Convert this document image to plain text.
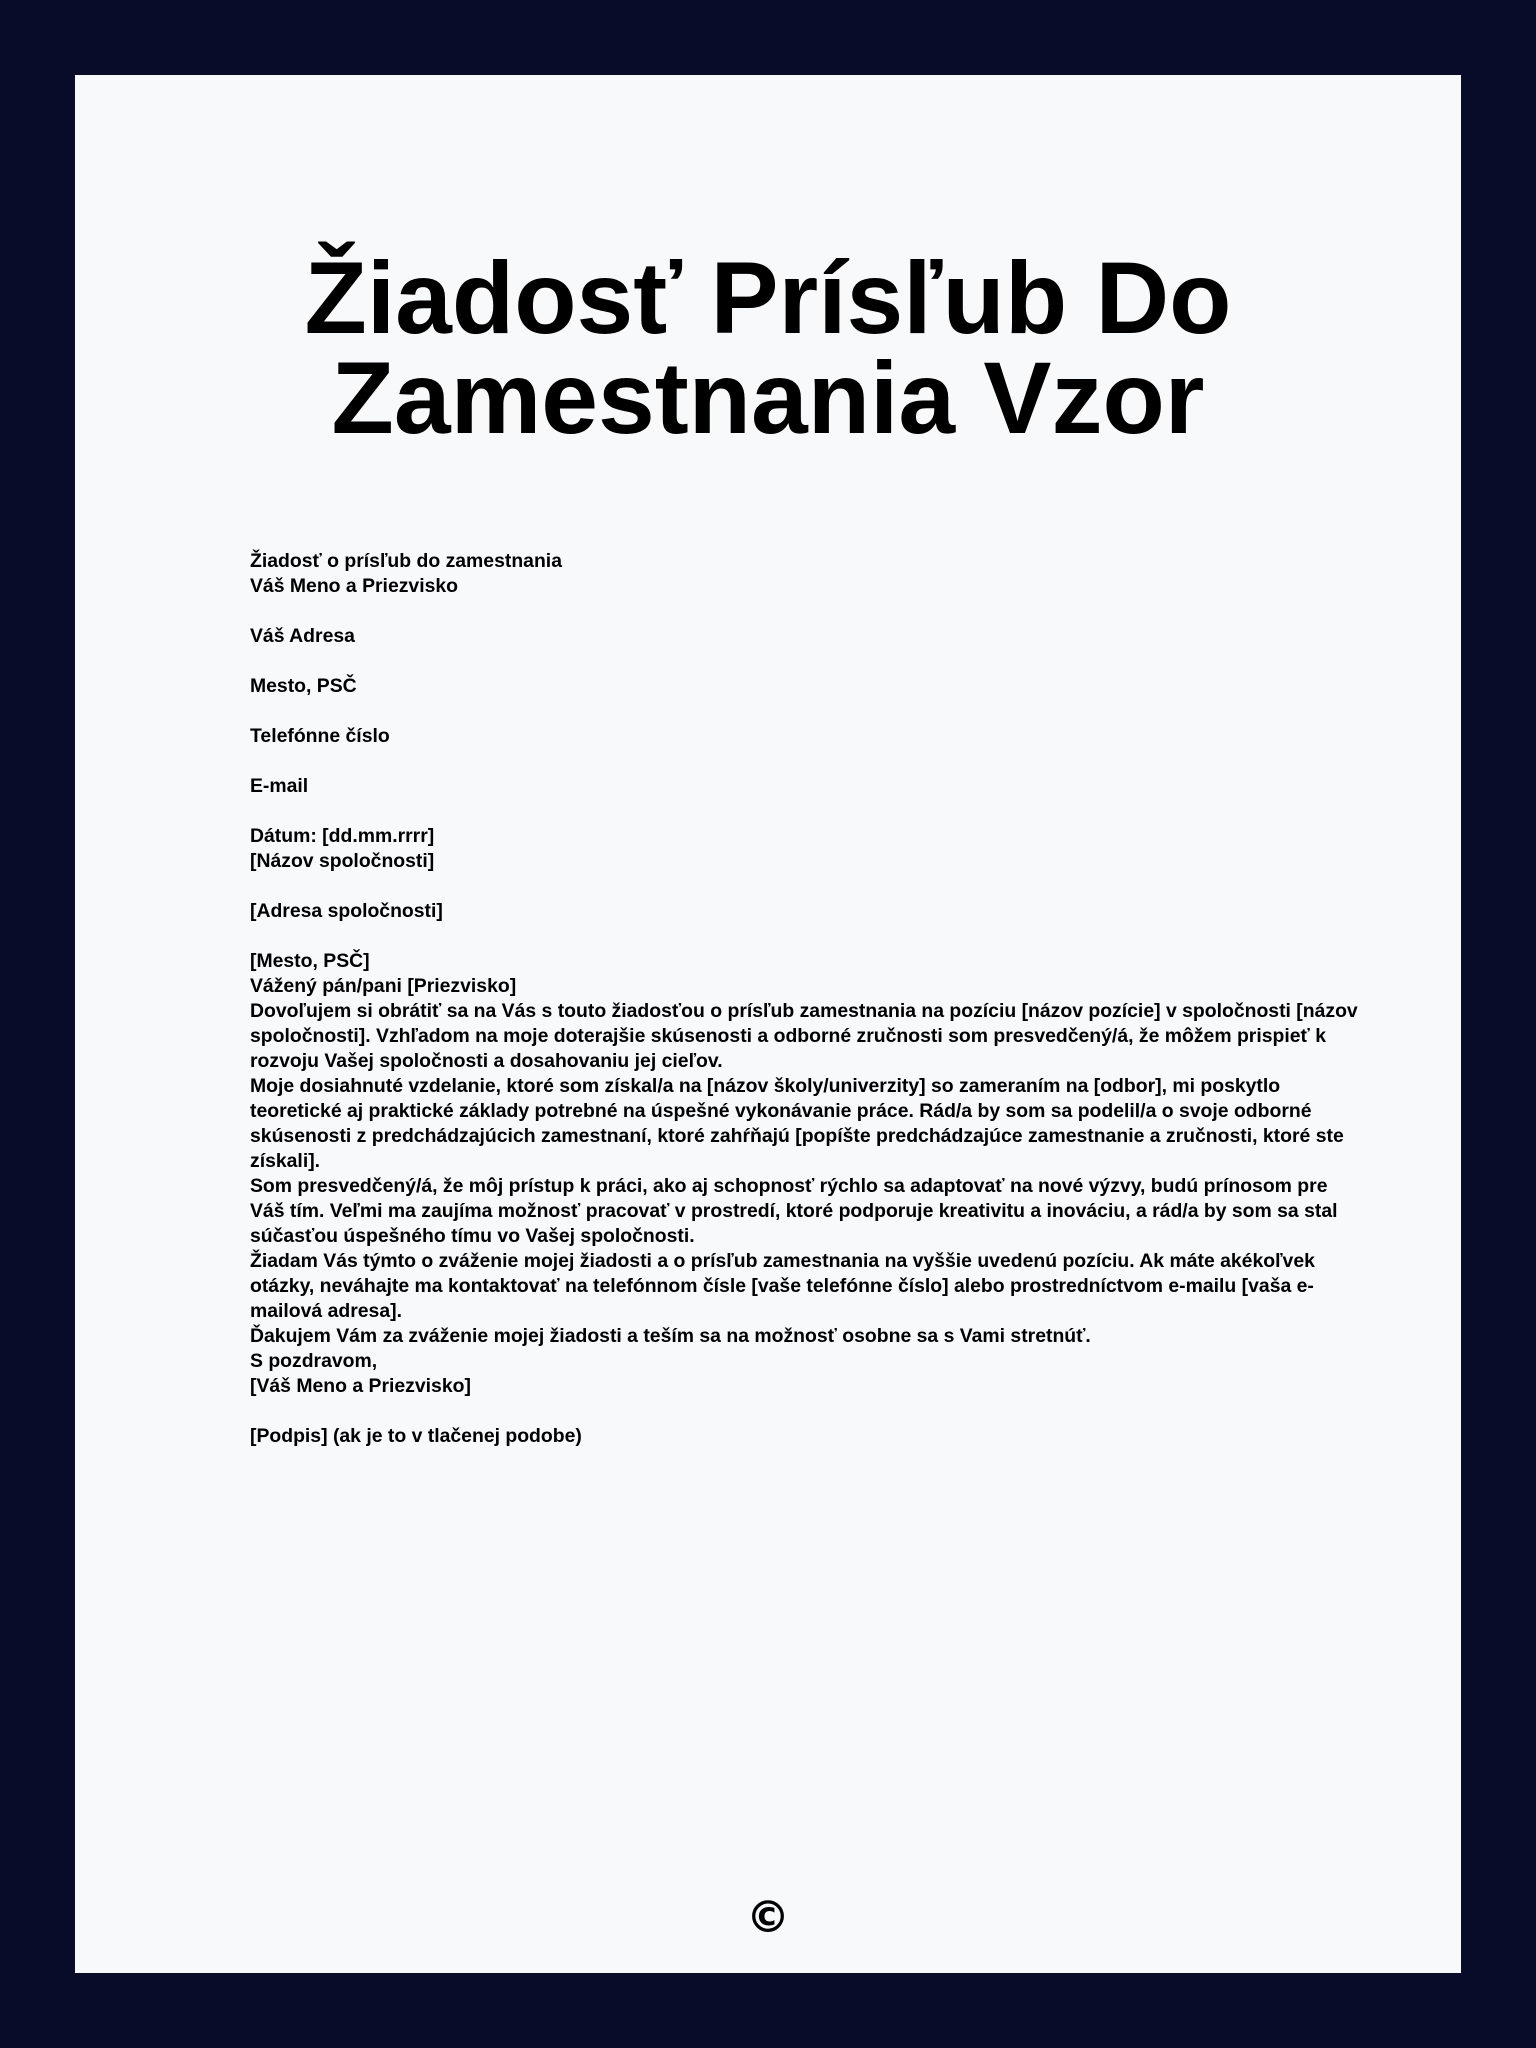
Žiadosť Prísľub Do
Zamestnania Vzor
Žiadosť o prísľub do zamestnania
Váš Meno a Priezvisko
Váš Adresa
Mesto, PSČ
Telefónne číslo
E-mail
Dátum: [dd.mm.rrrr]
[Názov spoločnosti]
[Adresa spoločnosti]
[Mesto, PSČ]
Vážený pán/pani [Priezvisko]
Dovoľujem si obrátiť sa na Vás s touto žiadosťou o prísľub zamestnania na pozíciu [názov pozície] v spoločnosti [názov spoločnosti]. Vzhľadom na moje doterajšie skúsenosti a odborné zručnosti som presvedčený/á, že môžem prispieť k rozvoju Vašej spoločnosti a dosahovaniu jej cieľov.
Moje dosiahnuté vzdelanie, ktoré som získal/a na [názov školy/univerzity] so zameraním na [odbor], mi poskytlo teoretické aj praktické základy potrebné na úspešné vykonávanie práce. Rád/a by som sa podelil/a o svoje odborné skúsenosti z predchádzajúcich zamestnaní, ktoré zahŕňajú [popíšte predchádzajúce zamestnanie a zručnosti, ktoré ste získali].
Som presvedčený/á, že môj prístup k práci, ako aj schopnosť rýchlo sa adaptovať na nové výzvy, budú prínosom pre Váš tím. Veľmi ma zaujíma možnosť pracovať v prostredí, ktoré podporuje kreativitu a inováciu, a rád/a by som sa stal súčasťou úspešného tímu vo Vašej spoločnosti.
Žiadam Vás týmto o zváženie mojej žiadosti a o prísľub zamestnania na vyššie uvedenú pozíciu. Ak máte akékoľvek otázky, neváhajte ma kontaktovať na telefónnom čísle [vaše telefónne číslo] alebo prostredníctvom e-mailu [vaša e-mailová adresa].
Ďakujem Vám za zváženie mojej žiadosti a teším sa na možnosť osobne sa s Vami stretnúť.
S pozdravom,
[Váš Meno a Priezvisko]
[Podpis] (ak je to v tlačenej podobe)
©
